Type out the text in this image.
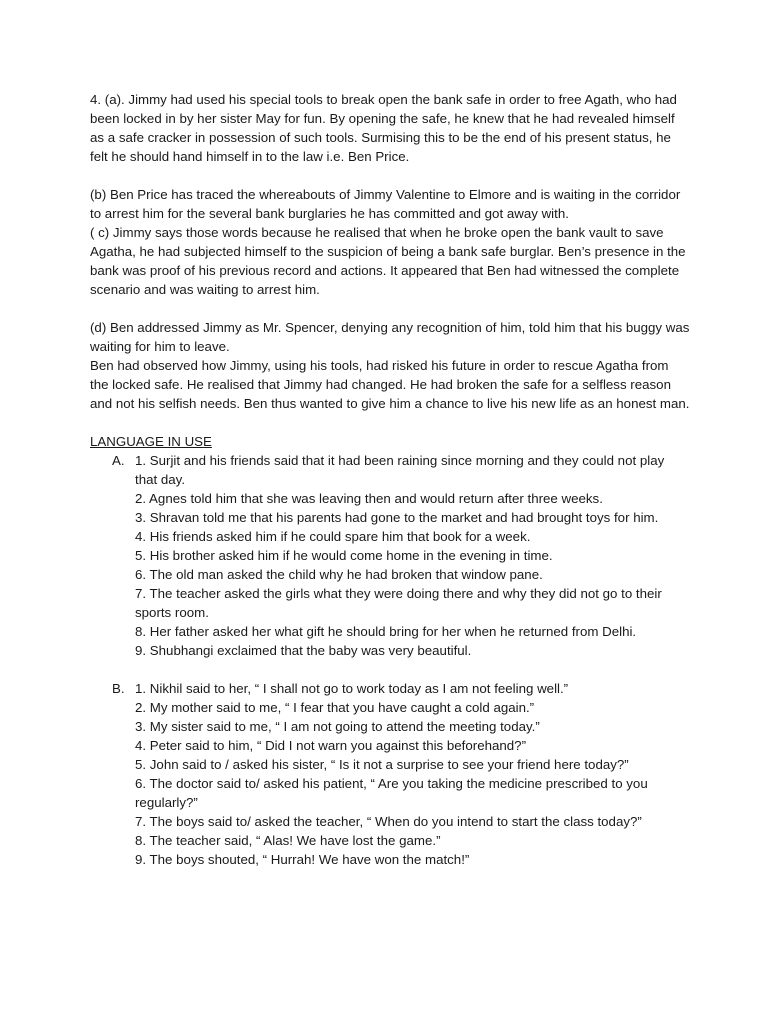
4. (a). Jimmy had used his special tools to break open the bank safe in order to free Agath, who had been locked in by her sister May for fun. By opening the safe, he knew that he had revealed himself as a safe cracker in possession of such tools. Surmising this to be the end of his present status, he felt he should hand himself in to the law i.e. Ben Price.

(b) Ben Price has traced the whereabouts of Jimmy Valentine to Elmore and is waiting in the corridor to arrest him for the several bank burglaries he has committed and got away with.

( c) Jimmy says those words because he realised that when he broke open the bank vault to save Agatha, he had subjected himself to the suspicion of being a bank safe burglar. Ben’s presence in the bank was proof of his previous record and actions. It appeared that Ben had witnessed the complete scenario and was waiting to arrest him.

(d) Ben addressed Jimmy as Mr. Spencer, denying any recognition of him, told him that his buggy was waiting for him to leave.

Ben had observed how Jimmy, using his tools, had risked his future in order to rescue Agatha from the locked safe. He realised that Jimmy had changed. He had broken the safe for a selfless reason and not his selfish needs. Ben thus wanted to give him a chance to live his new life as an honest man.

LANGUAGE IN USE

A. 1. Surjit and his friends said that it had been raining since morning and they could not play that day.
2. Agnes told him that she was leaving then and would return after three weeks.
3. Shravan told me that his parents had gone to the market and had brought toys for him.
4. His friends asked him if he could spare him that book for a week.
5. His brother asked him if he would come home in the evening in time.
6. The old man asked the child why he had broken that window pane.
7. The teacher asked the girls what they were doing there and why they did not go to their sports room.
8. Her father asked her what gift he should bring for her when he returned from Delhi.
9. Shubhangi exclaimed that the baby was very beautiful.
B. 1. Nikhil said to her, “ I shall not go to work today as I am not feeling well.”
2. My mother said to me, “ I fear that you have caught a cold again.”
3. My sister said to me, “ I am not going to attend the meeting today.”
4. Peter said to him, “ Did I not warn you against this beforehand?”
5. John said to / asked his sister, “ Is it not a surprise to see your friend here today?”
6. The doctor said to/ asked his patient, “ Are you taking the medicine prescribed to you regularly?”
7. The boys said to/ asked the teacher, “ When do you intend to start the class today?”
8. The teacher said, “ Alas! We have lost the game.”
9. The boys shouted, “ Hurrah! We have won the match!”
